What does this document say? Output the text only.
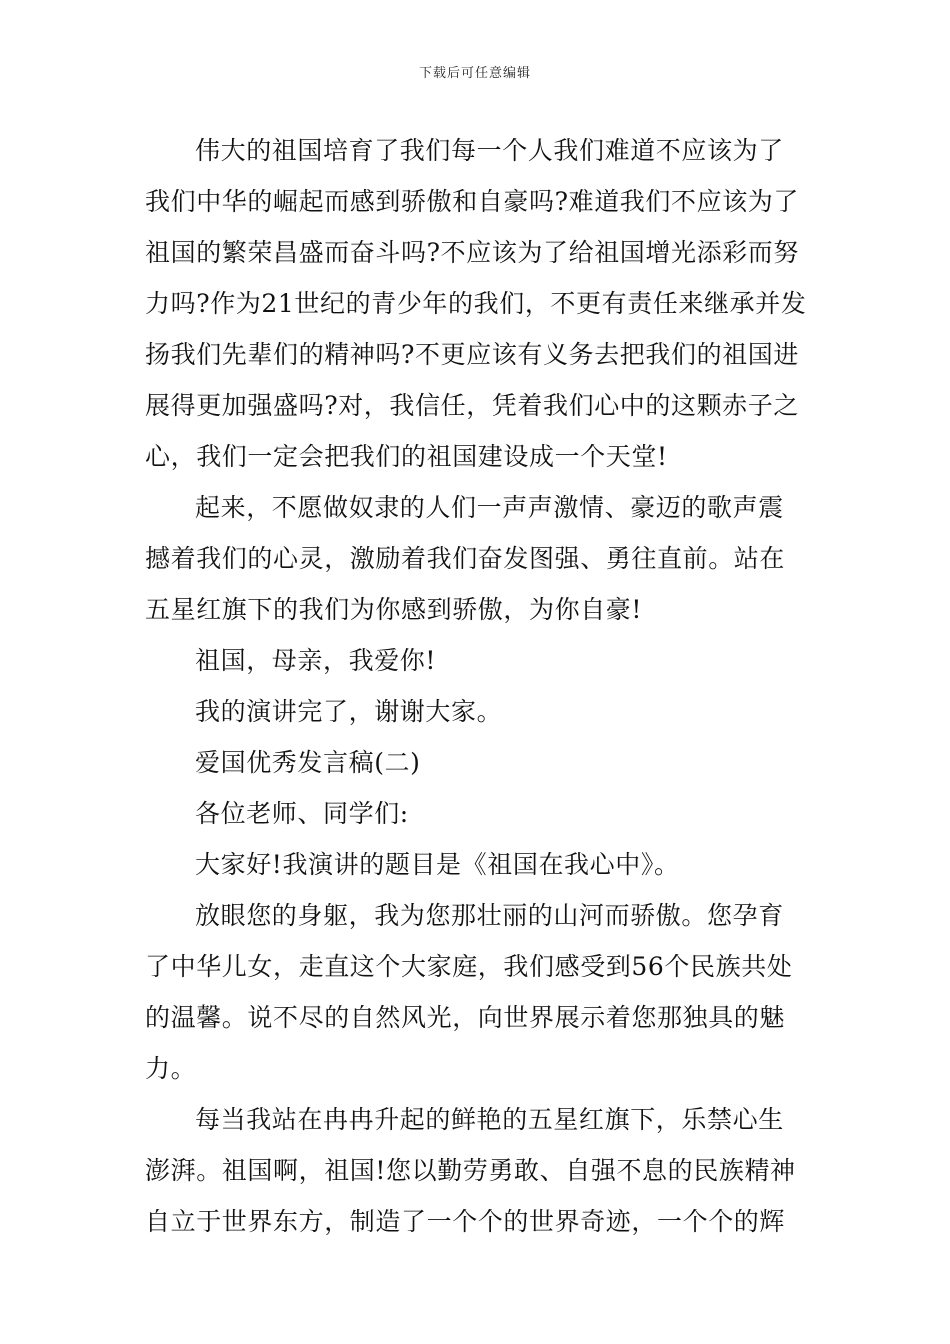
下载后可任意编辑
伟大的祖国培育了我们每一个人我们难道不应该为了
我们中华的崛起而感到骄傲和自豪吗?难道我们不应该为了
祖国的繁荣昌盛而奋斗吗?不应该为了给祖国增光添彩而努
力吗?作为21世纪的青少年的我们，不更有责任来继承并发
扬我们先辈们的精神吗?不更应该有义务去把我们的祖国进
展得更加强盛吗?对，我信任，凭着我们心中的这颗赤子之
心，我们一定会把我们的祖国建设成一个天堂!
起来，不愿做奴隶的人们一声声激情、豪迈的歌声震
撼着我们的心灵，激励着我们奋发图强、勇往直前。站在
五星红旗下的我们为你感到骄傲，为你自豪!
祖国，母亲，我爱你!
我的演讲完了，谢谢大家。
爱国优秀发言稿(二)
各位老师、同学们:
大家好!我演讲的题目是《祖国在我心中》。
放眼您的身躯，我为您那壮丽的山河而骄傲。您孕育
了中华儿女，走直这个大家庭，我们感受到56个民族共处
的温馨。说不尽的自然风光，向世界展示着您那独具的魅
力。
每当我站在冉冉升起的鲜艳的五星红旗下，乐禁心生
澎湃。祖国啊，祖国!您以勤劳勇敢、自强不息的民族精神
自立于世界东方，制造了一个个的世界奇迹，一个个的辉
